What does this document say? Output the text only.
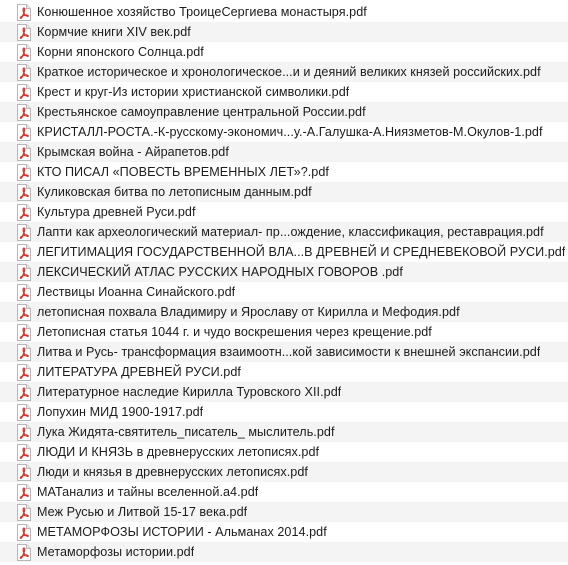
Конюшенное хозяйство ТроицеСергиева монастыря.pdf
Кормчие книги XIV век.pdf
Корни японского Солнца.pdf
Краткое историческое и хронологическое...и и деяний великих князей российских.pdf
Крест и круг-Из истории христианской символики.pdf
Крестьянское самоуправление центральной России.pdf
КРИСТАЛЛ-РОСТА.-К-русскому-экономич...у.-А.Галушка-А.Ниязметов-М.Окулов-1.pdf
Крымская война - Айрапетов.pdf
КТО ПИСАЛ «ПОВЕСТЬ ВРЕМЕННЫХ ЛЕТ»?.pdf
Куликовская битва по летописным данным.pdf
Культура древней Руси.pdf
Лапти как археологический материал- пр...ождение, классификация, реставрация.pdf
ЛЕГИТИМАЦИЯ ГОСУДАРСТВЕННОЙ ВЛА...В ДРЕВНЕЙ И СРЕДНЕВЕКОВОЙ РУСИ.pdf
ЛЕКСИЧЕСКИЙ АТЛАС РУССКИХ НАРОДНЫХ ГОВОРОВ .pdf
Лествицы Иоанна Синайского.pdf
летописная похвала Владимиру и Ярославу от Кирилла и Мефодия.pdf
Летописная статья 1044 г. и чудо воскрешения через крещение.pdf
Литва и Русь- трансформация взаимоотн...кой зависимости к внешней экспансии.pdf
ЛИТЕРАТУРА ДРЕВНЕЙ РУСИ.pdf
Литературное наследие Кирилла Туровского XII.pdf
Лопухин МИД 1900-1917.pdf
Лука Жидята-святитель_писатель_ мыслитель.pdf
ЛЮДИ И КНЯЗЬ в древнерусских летописях.pdf
Люди и князья в древнерусских летописях.pdf
МАТанализ и тайны вселенной.а4.pdf
Меж Русью и Литвой 15-17 века.pdf
МЕТАМОРФОЗЫ ИСТОРИИ - Альманах 2014.pdf
Метаморфозы истории.pdf
